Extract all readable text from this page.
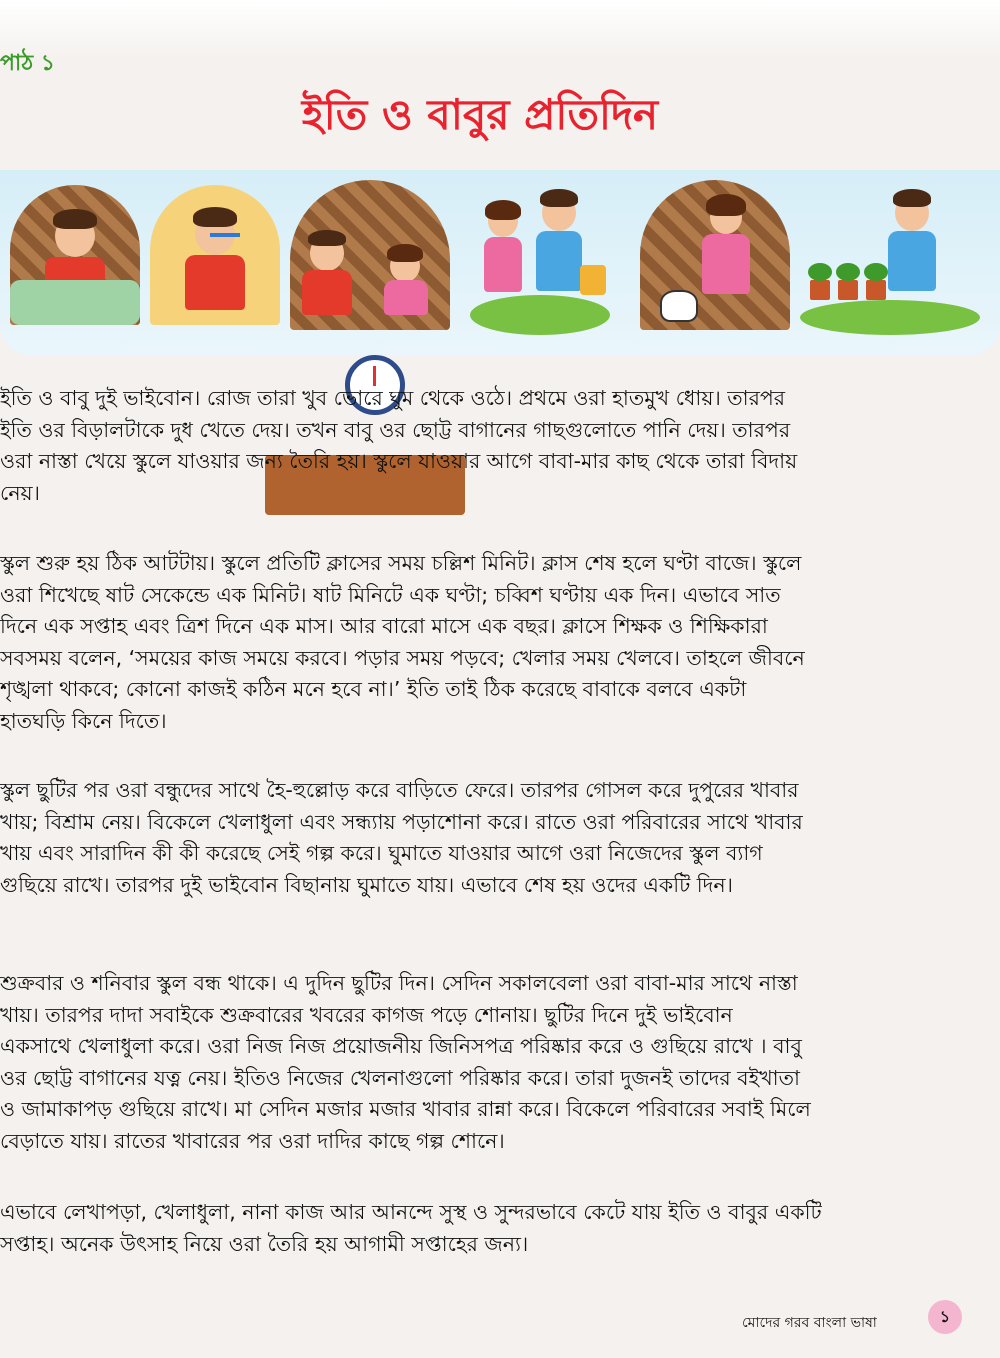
পাঠ ১
ইতি ও বাবুর প্রতিদিন

ইতি ও বাবু দুই ভাইবোন। রোজ তারা খুব ভোরে ঘুম থেকে ওঠে। প্রথমে ওরা হাতমুখ ধোয়। তারপর

ইতি ওর বিড়ালটাকে দুধ খেতে দেয়। তখন বাবু ওর ছোট্ট বাগানের গাছগুলোতে পানি দেয়। তারপর

ওরা নাস্তা খেয়ে স্কুলে যাওয়ার জন্য তৈরি হয়। স্কুলে যাওয়ার আগে বাবা-মার কাছ থেকে তারা বিদায়

নেয়।

স্কুল শুরু হয় ঠিক আটটায়। স্কুলে প্রতিটি ক্লাসের সময় চল্লিশ মিনিট। ক্লাস শেষ হলে ঘণ্টা বাজে। স্কুলে

ওরা শিখেছে ষাট সেকেন্ডে এক মিনিট। ষাট মিনিটে এক ঘণ্টা; চব্বিশ ঘণ্টায় এক দিন। এভাবে সাত

দিনে এক সপ্তাহ এবং ত্রিশ দিনে এক মাস। আর বারো মাসে এক বছর। ক্লাসে শিক্ষক ও শিক্ষিকারা

সবসময় বলেন, ‘সময়ের কাজ সময়ে করবে। পড়ার সময় পড়বে; খেলার সময় খেলবে। তাহলে জীবনে

শৃঙ্খলা থাকবে; কোনো কাজই কঠিন মনে হবে না।’ ইতি তাই ঠিক করেছে বাবাকে বলবে একটা

হাতঘড়ি কিনে দিতে।

স্কুল ছুটির পর ওরা বন্ধুদের সাথে হৈ-হুল্লোড় করে বাড়িতে ফেরে। তারপর গোসল করে দুপুরের খাবার

খায়; বিশ্রাম নেয়। বিকেলে খেলাধুলা এবং সন্ধ্যায় পড়াশোনা করে। রাতে ওরা পরিবারের সাথে খাবার

খায় এবং সারাদিন কী কী করেছে সেই গল্প করে। ঘুমাতে যাওয়ার আগে ওরা নিজেদের স্কুল ব্যাগ

গুছিয়ে রাখে। তারপর দুই ভাইবোন বিছানায় ঘুমাতে যায়। এভাবে শেষ হয় ওদের একটি দিন।

শুক্রবার ও শনিবার স্কুল বন্ধ থাকে। এ দুদিন ছুটির দিন। সেদিন সকালবেলা ওরা বাবা-মার সাথে নাস্তা

খায়। তারপর দাদা সবাইকে শুক্রবারের খবরের কাগজ পড়ে শোনায়। ছুটির দিনে দুই ভাইবোন

একসাথে খেলাধুলা করে। ওরা নিজ নিজ প্রয়োজনীয় জিনিসপত্র পরিষ্কার করে ও গুছিয়ে রাখে । বাবু

ওর ছোট্ট বাগানের যত্ন নেয়। ইতিও নিজের খেলনাগুলো পরিষ্কার করে। তারা দুজনই তাদের বইখাতা

ও জামাকাপড় গুছিয়ে রাখে। মা সেদিন মজার মজার খাবার রান্না করে। বিকেলে পরিবারের সবাই মিলে

বেড়াতে যায়। রাতের খাবারের পর ওরা দাদির কাছে গল্প শোনে।

এভাবে লেখাপড়া, খেলাধুলা, নানা কাজ আর আনন্দে সুস্থ ও সুন্দরভাবে কেটে যায় ইতি ও বাবুর একটি

সপ্তাহ। অনেক উৎসাহ নিয়ে ওরা তৈরি হয় আগামী সপ্তাহের জন্য।

মোদের গরব বাংলা ভাষা	১
